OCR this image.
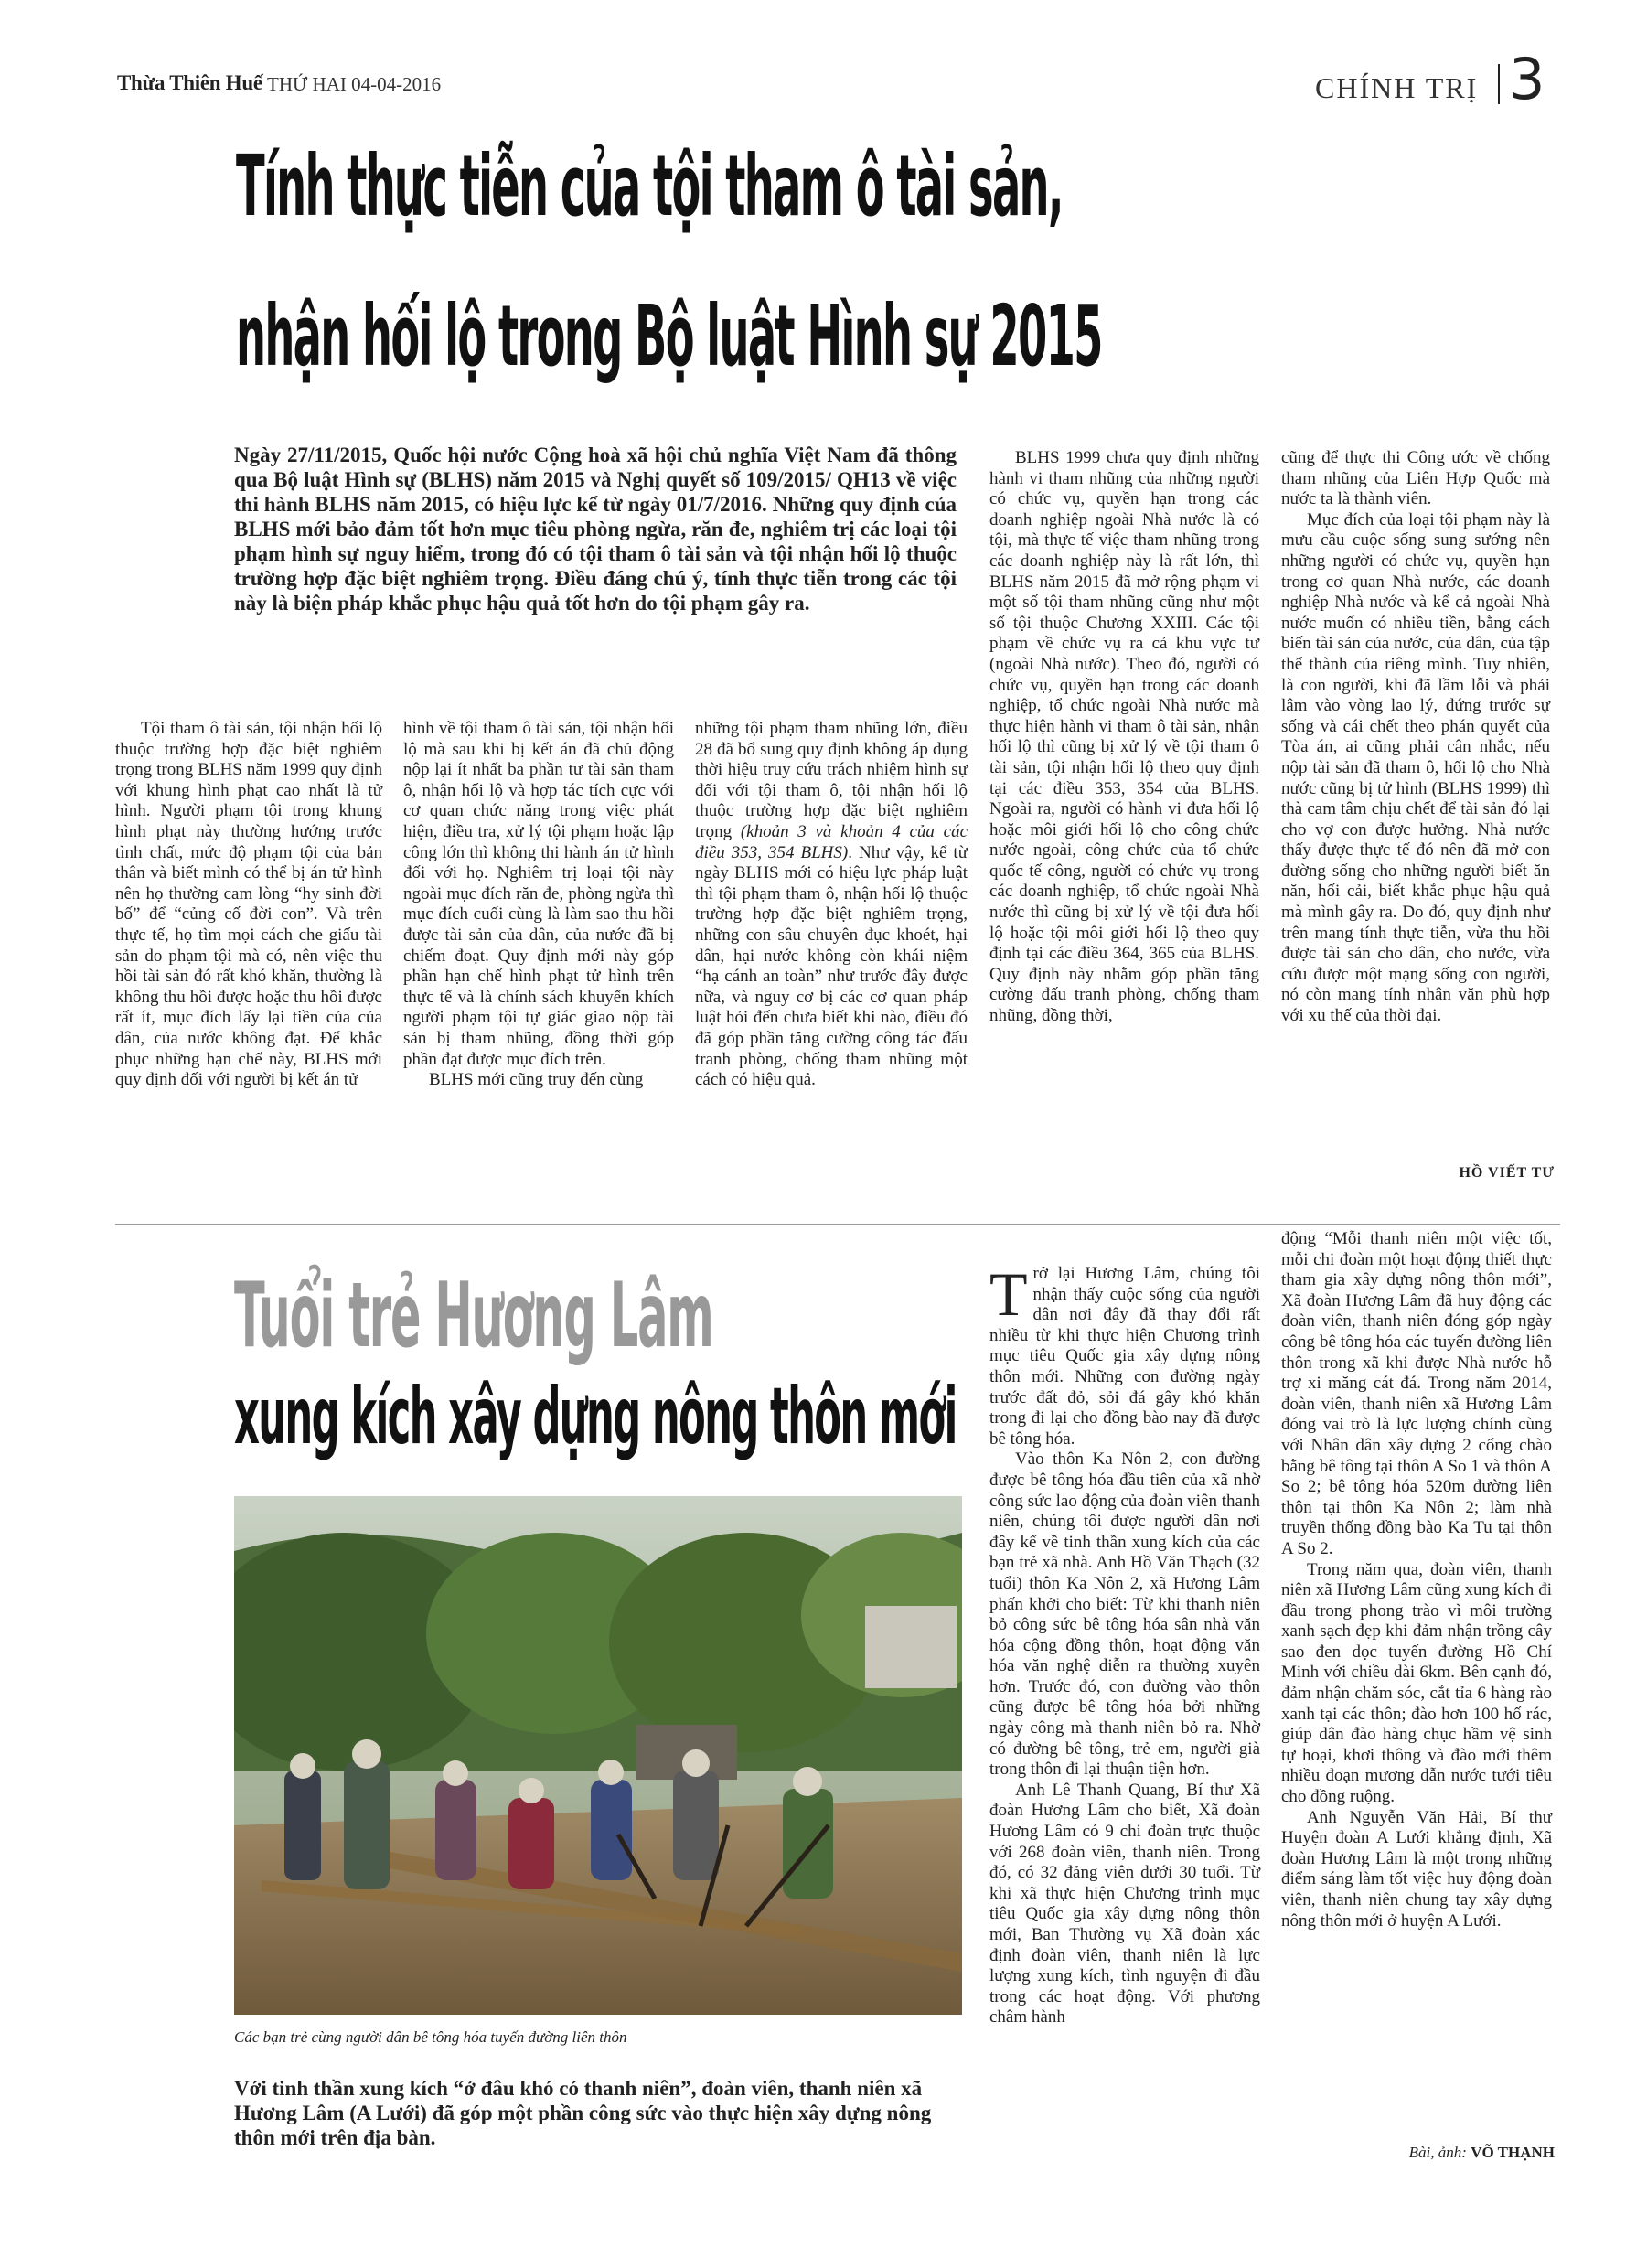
Thừa Thiên Huế THỨ HAI 04-04-2016	CHÍNH TRỊ 3
Tính thực tiễn của tội tham ô tài sản,
nhận hối lộ trong Bộ luật Hình sự 2015
Ngày 27/11/2015, Quốc hội nước Cộng hoà xã hội chủ nghĩa Việt Nam đã thông qua Bộ luật Hình sự (BLHS) năm 2015 và Nghị quyết số 109/2015/ QH13 về việc thi hành BLHS năm 2015, có hiệu lực kể từ ngày 01/7/2016. Những quy định của BLHS mới bảo đảm tốt hơn mục tiêu phòng ngừa, răn đe, nghiêm trị các loại tội phạm hình sự nguy hiểm, trong đó có tội tham ô tài sản và tội nhận hối lộ thuộc trường hợp đặc biệt nghiêm trọng. Điều đáng chú ý, tính thực tiễn trong các tội này là biện pháp khắc phục hậu quả tốt hơn do tội phạm gây ra.

Tội tham ô tài sản, tội nhận hối lộ thuộc trường hợp đặc biệt nghiêm trọng trong BLHS năm 1999 quy định với khung hình phạt cao nhất là tử hình. Người phạm tội trong khung hình phạt này thường hướng trước tình chất, mức độ phạm tội của bản thân và biết mình có thể bị án tử hình nên họ thường cam lòng “hy sinh đời bố” để “củng cố đời con”. Và trên thực tế, họ tìm mọi cách che giấu tài sản do phạm tội mà có, nên việc thu hồi tài sản đó rất khó khăn, thường là không thu hồi được hoặc thu hồi được rất ít, mục đích lấy lại tiền của của dân, của nước không đạt. Để khắc phục những hạn chế này, BLHS mới quy định đối với người bị kết án tử

hình về tội tham ô tài sản, tội nhận hối lộ mà sau khi bị kết án đã chủ động nộp lại ít nhất ba phần tư tài sản tham ô, nhận hối lộ và hợp tác tích cực với cơ quan chức năng trong việc phát hiện, điều tra, xử lý tội phạm hoặc lập công lớn thì không thi hành án tử hình đối với họ. Nghiêm trị loại tội này ngoài mục đích răn đe, phòng ngừa thì mục đích cuối cùng là làm sao thu hồi được tài sản của dân, của nước đã bị chiếm đoạt. Quy định mới này góp phần hạn chế hình phạt tử hình trên thực tế và là chính sách khuyến khích người phạm tội tự giác giao nộp tài sản bị tham nhũng, đồng thời góp phần đạt được mục đích trên.

BLHS mới cũng truy đến cùng

những tội phạm tham nhũng lớn, điều 28 đã bổ sung quy định không áp dụng thời hiệu truy cứu trách nhiệm hình sự đối với tội tham ô, tội nhận hối lộ thuộc trường hợp đặc biệt nghiêm trọng (khoản 3 và khoản 4 của các điều 353, 354 BLHS). Như vậy, kể từ ngày BLHS mới có hiệu lực pháp luật thì tội phạm tham ô, nhận hối lộ thuộc trường hợp đặc biệt nghiêm trọng, những con sâu chuyên đục khoét, hại dân, hại nước không còn khái niệm “hạ cánh an toàn” như trước đây được nữa, và nguy cơ bị các cơ quan pháp luật hỏi đến chưa biết khi nào, điều đó đã góp phần tăng cường công tác đấu tranh phòng, chống tham nhũng một cách có hiệu quả.

BLHS 1999 chưa quy định những hành vi tham nhũng của những người có chức vụ, quyền hạn trong các doanh nghiệp ngoài Nhà nước là có tội, mà thực tế việc tham nhũng trong các doanh nghiệp này là rất lớn, thì BLHS năm 2015 đã mở rộng phạm vi một số tội tham nhũng cũng như một số tội thuộc Chương XXIII. Các tội phạm về chức vụ ra cả khu vực tư (ngoài Nhà nước). Theo đó, người có chức vụ, quyền hạn trong các doanh nghiệp, tổ chức ngoài Nhà nước mà thực hiện hành vi tham ô tài sản, nhận hối lộ thì cũng bị xử lý về tội tham ô tài sản, tội nhận hối lộ theo quy định tại các điều 353, 354 của BLHS. Ngoài ra, người có hành vi đưa hối lộ hoặc môi giới hối lộ cho công chức nước ngoài, công chức của tổ chức quốc tế công, người có chức vụ trong các doanh nghiệp, tổ chức ngoài Nhà nước thì cũng bị xử lý về tội đưa hối lộ hoặc tội môi giới hối lộ theo quy định tại các điều 364, 365 của BLHS. Quy định này nhằm góp phần tăng cường đấu tranh phòng, chống tham nhũng, đồng thời,

cũng để thực thi Công ước về chống tham nhũng của Liên Hợp Quốc mà nước ta là thành viên.

Mục đích của loại tội phạm này là mưu cầu cuộc sống sung sướng nên những người có chức vụ, quyền hạn trong cơ quan Nhà nước, các doanh nghiệp Nhà nước và kể cả ngoài Nhà nước muốn có nhiều tiền, bằng cách biến tài sản của nước, của dân, của tập thể thành của riêng mình. Tuy nhiên, là con người, khi đã lầm lỗi và phải lâm vào vòng lao lý, đứng trước sự sống và cái chết theo phán quyết của Tòa án, ai cũng phải cân nhắc, nếu nộp tài sản đã tham ô, hối lộ cho Nhà nước cũng bị tử hình (BLHS 1999) thì thà cam tâm chịu chết để tài sản đó lại cho vợ con được hưởng. Nhà nước thấy được thực tế đó nên đã mở con đường sống cho những người biết ăn năn, hối cải, biết khắc phục hậu quả mà mình gây ra. Do đó, quy định như trên mang tính thực tiễn, vừa thu hồi được tài sản cho dân, cho nước, vừa cứu được một mạng sống con người, nó còn mang tính nhân văn phù hợp với xu thế của thời đại.

HỒ VIẾT TƯ
Tuổi trẻ Hương Lâm
xung kích xây dựng nông thôn mới
Các bạn trẻ cùng người dân bê tông hóa tuyến đường liên thôn
Với tinh thần xung kích “ở đâu khó có thanh niên”, đoàn viên, thanh niên xã Hương Lâm (A Lưới) đã góp một phần công sức vào thực hiện xây dựng nông thôn mới trên địa bàn.

Trở lại Hương Lâm, chúng tôi nhận thấy cuộc sống của người dân nơi đây đã thay đổi rất nhiều từ khi thực hiện Chương trình mục tiêu Quốc gia xây dựng nông thôn mới. Những con đường ngày trước đất đỏ, sỏi đá gây khó khăn trong đi lại cho đồng bào nay đã được bê tông hóa.

Vào thôn Ka Nôn 2, con đường được bê tông hóa đầu tiên của xã nhờ công sức lao động của đoàn viên thanh niên, chúng tôi được người dân nơi đây kể về tinh thần xung kích của các bạn trẻ xã nhà. Anh Hồ Văn Thạch (32 tuổi) thôn Ka Nôn 2, xã Hương Lâm phấn khởi cho biết: Từ khi thanh niên bỏ công sức bê tông hóa sân nhà văn hóa cộng đồng thôn, hoạt động văn hóa văn nghệ diễn ra thường xuyên hơn. Trước đó, con đường vào thôn cũng được bê tông hóa bởi những ngày công mà thanh niên bỏ ra. Nhờ có đường bê tông, trẻ em, người già trong thôn đi lại thuận tiện hơn.

Anh Lê Thanh Quang, Bí thư Xã đoàn Hương Lâm cho biết, Xã đoàn Hương Lâm có 9 chi đoàn trực thuộc với 268 đoàn viên, thanh niên. Trong đó, có 32 đảng viên dưới 30 tuổi. Từ khi xã thực hiện Chương trình mục tiêu Quốc gia xây dựng nông thôn mới, Ban Thường vụ Xã đoàn xác định đoàn viên, thanh niên là lực lượng xung kích, tình nguyện đi đầu trong các hoạt động. Với phương châm hành

động “Mỗi thanh niên một việc tốt, mỗi chi đoàn một hoạt động thiết thực tham gia xây dựng nông thôn mới”, Xã đoàn Hương Lâm đã huy động các đoàn viên, thanh niên đóng góp ngày công bê tông hóa các tuyến đường liên thôn trong xã khi được Nhà nước hỗ trợ xi măng cát đá. Trong năm 2014, đoàn viên, thanh niên xã Hương Lâm đóng vai trò là lực lượng chính cùng với Nhân dân xây dựng 2 cổng chào bằng bê tông tại thôn A So 1 và thôn A So 2; bê tông hóa 520m đường liên thôn tại thôn Ka Nôn 2; làm nhà truyền thống đồng bào Ka Tu tại thôn A So 2.

Trong năm qua, đoàn viên, thanh niên xã Hương Lâm cũng xung kích đi đầu trong phong trào vì môi trường xanh sạch đẹp khi đảm nhận trồng cây sao đen dọc tuyến đường Hồ Chí Minh với chiều dài 6km. Bên cạnh đó, đảm nhận chăm sóc, cắt tỉa 6 hàng rào xanh tại các thôn; đào hơn 100 hố rác, giúp dân đào hàng chục hầm vệ sinh tự hoại, khơi thông và đào mới thêm nhiều đoạn mương dẫn nước tưới tiêu cho đồng ruộng.

Anh Nguyễn Văn Hải, Bí thư Huyện đoàn A Lưới khẳng định, Xã đoàn Hương Lâm là một trong những điểm sáng làm tốt việc huy động đoàn viên, thanh niên chung tay xây dựng nông thôn mới ở huyện A Lưới.

Bài, ảnh: VÕ THẠNH
